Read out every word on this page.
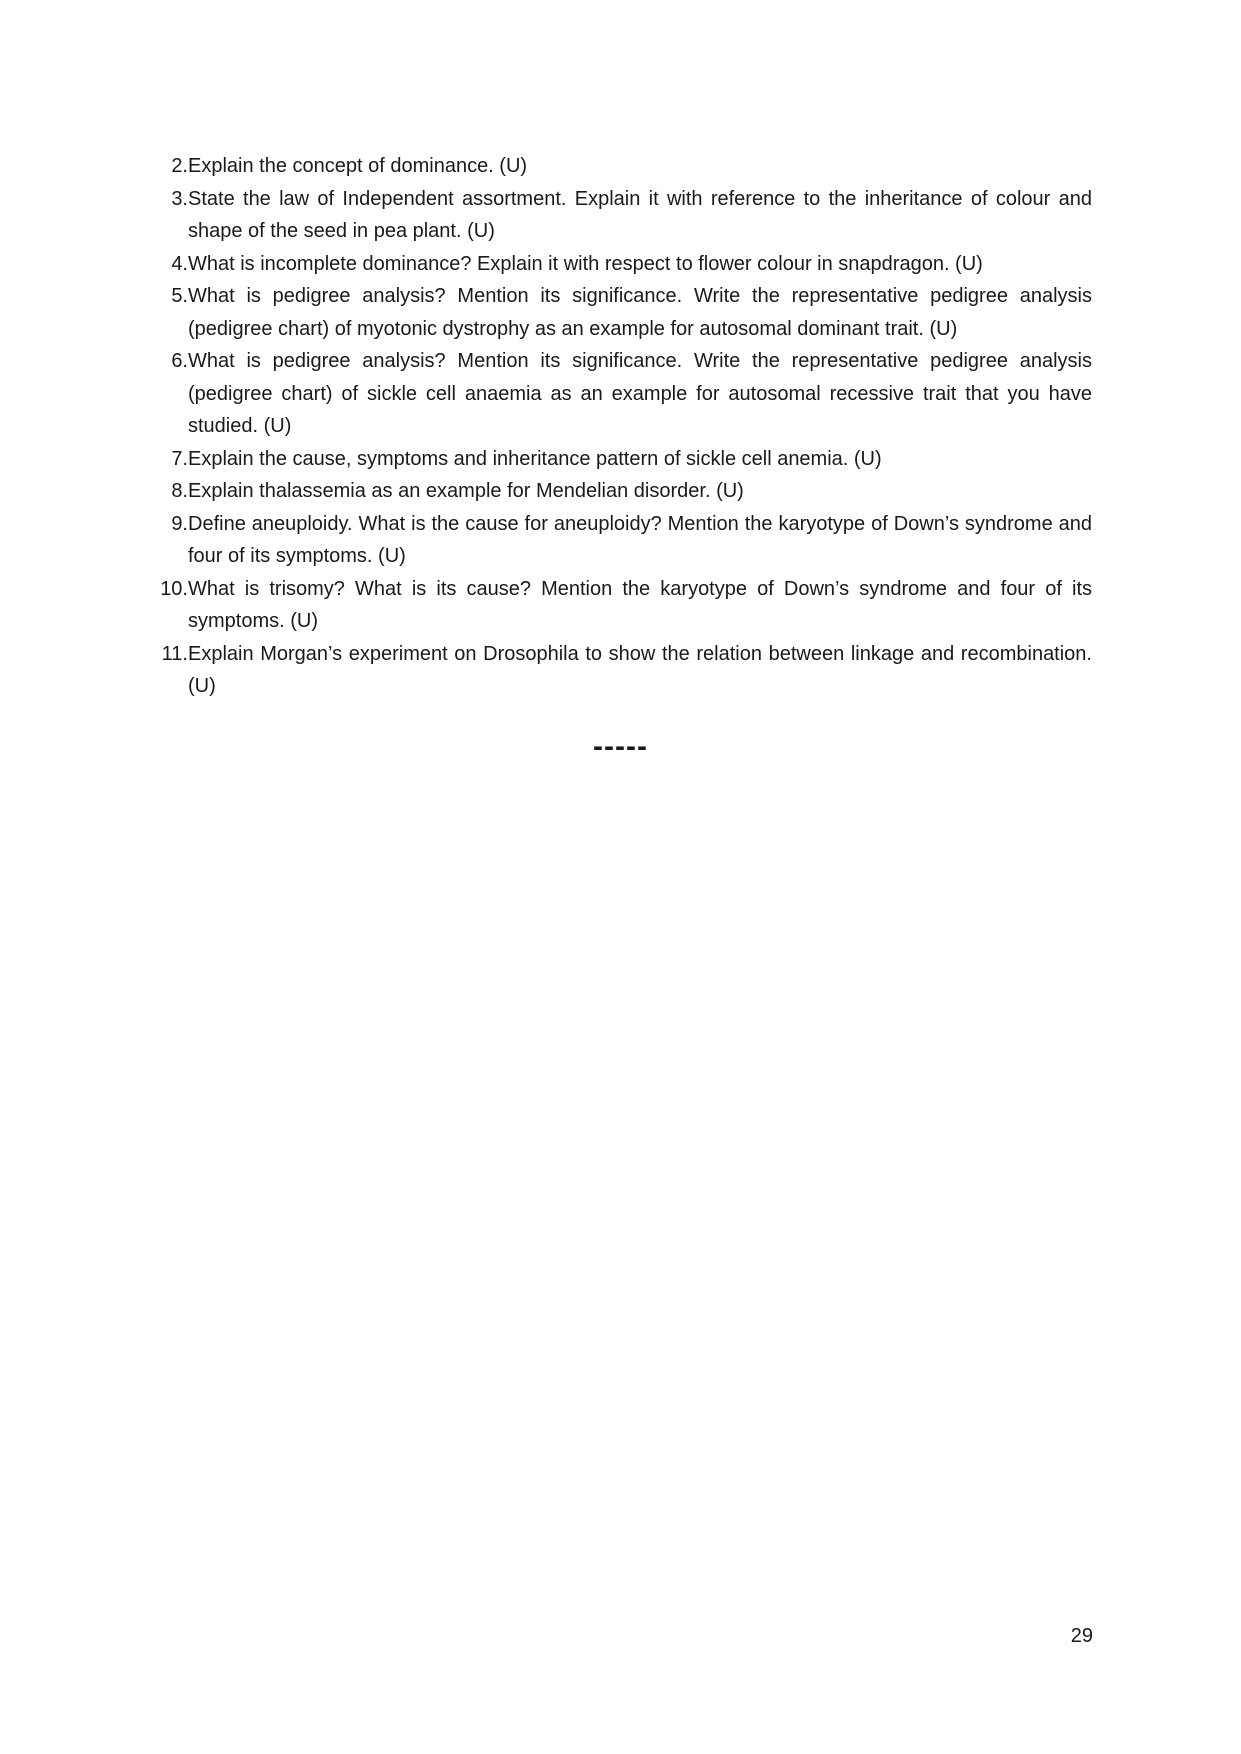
2. Explain the concept of dominance. (U)
3. State the law of Independent assortment. Explain it with reference to the inheritance of colour and shape of the seed in pea plant. (U)
4. What is incomplete dominance? Explain it with respect to flower colour in snapdragon. (U)
5. What is pedigree analysis? Mention its significance. Write the representative pedigree analysis (pedigree chart) of myotonic dystrophy as an example for autosomal dominant trait. (U)
6. What is pedigree analysis? Mention its significance. Write the representative pedigree analysis (pedigree chart) of sickle cell anaemia as an example for autosomal recessive trait that you have studied. (U)
7. Explain the cause, symptoms and inheritance pattern of sickle cell anemia. (U)
8. Explain thalassemia as an example for Mendelian disorder. (U)
9. Define aneuploidy. What is the cause for aneuploidy? Mention the karyotype of Down’s syndrome and four of its symptoms. (U)
10. What is trisomy? What is its cause? Mention the karyotype of Down’s syndrome and four of its symptoms. (U)
11. Explain Morgan’s experiment on Drosophila to show the relation between linkage and recombination.(U)
-----
29
